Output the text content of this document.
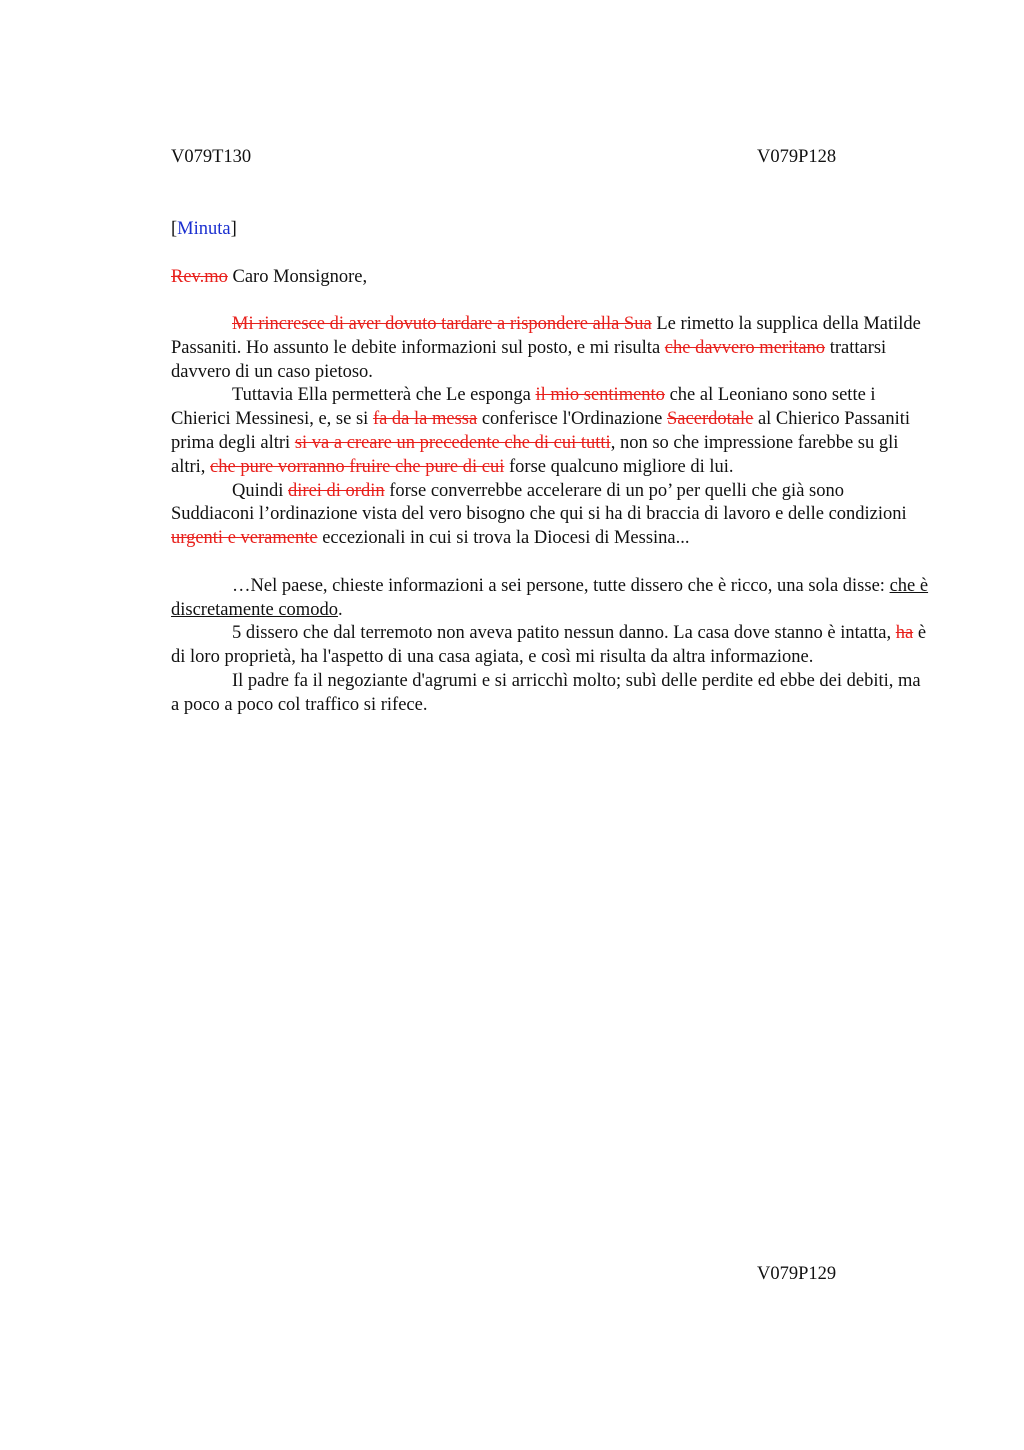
V079T130	V079P128
[Minuta]
Rev.mo Caro Monsignore,

Mi rincresce di aver dovuto tardare a rispondere alla Sua Le rimetto la supplica della Matilde Passaniti. Ho assunto le debite informazioni sul posto, e mi risulta che davvero meritano trattarsi davvero di un caso pietoso.

Tuttavia Ella permetterà che Le esponga il mio sentimento che al Leoniano sono sette i Chierici Messinesi, e, se si fa da la messa conferisce l'Ordinazione Sacerdotale al Chierico Passaniti prima degli altri si va a creare un precedente che di cui tutti, non so che impressione farebbe su gli altri, che pure vorranno fruire che pure di cui forse qualcuno migliore di lui.

Quindi direi di ordin forse converrebbe accelerare di un po’ per quelli che già sono Suddiaconi l’ordinazione vista del vero bisogno che qui si ha di braccia di lavoro e delle condizioni urgenti e veramente eccezionali in cui si trova la Diocesi di Messina...

…Nel paese, chieste informazioni a sei persone, tutte dissero che è ricco, una sola disse: che è discretamente comodo.

5 dissero che dal terremoto non aveva patito nessun danno. La casa dove stanno è intatta, ha è di loro proprietà, ha l'aspetto di una casa agiata, e così mi risulta da altra informazione.

Il padre fa il negoziante d'agrumi e si arricchì molto; subì delle perdite ed ebbe dei debiti, ma a poco a poco col traffico si rifece.

V079P129
